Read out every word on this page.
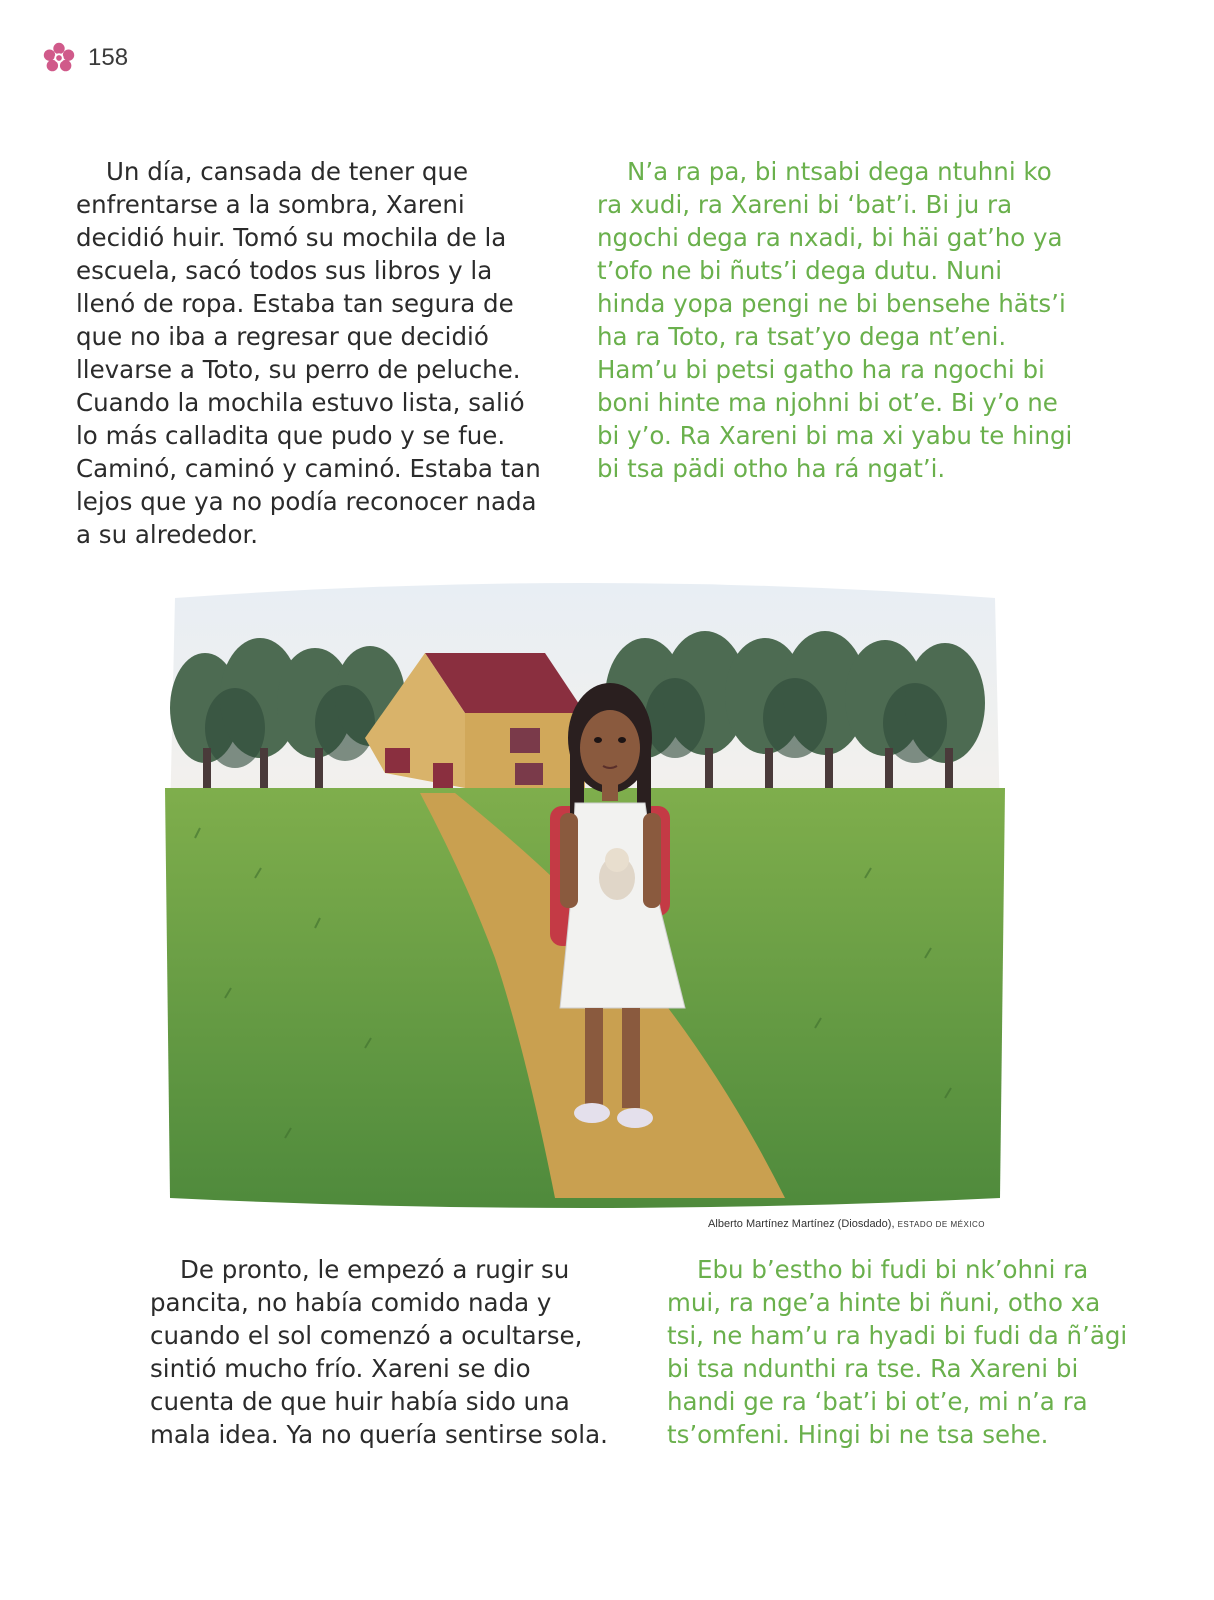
158

Un día, cansada de tener que enfrentarse a la sombra, Xareni decidió huir. Tomó su mochila de la escuela, sacó todos sus libros y la llenó de ropa. Estaba tan segura de que no iba a regresar que decidió llevarse a Toto, su perro de peluche. Cuando la mochila estuvo lista, salió lo más calladita que pudo y se fue. Caminó, caminó y caminó. Estaba tan lejos que ya no podía reconocer nada a su alrededor.

N’a ra pa, bi ntsabi dega ntuhni ko ra xudi, ra Xareni bi ‘bat’i. Bi ju ra ngochi dega ra nxadi, bi häi gat’ho ya t’ofo ne bi ñuts’i dega dutu. Nuni hinda yopa pengi ne bi bensehe häts’i ha ra Toto, ra tsat’yo dega nt’eni. Ham’u bi petsi gatho ha ra ngochi bi boni hinte ma njohni bi ot’e. Bi y’o ne bi y’o. Ra Xareni bi ma xi yabu te hingi bi tsa pädi otho ha rá ngat’i.

Alberto Martínez Martínez (Diosdado), ESTADO DE MÉXICO

De pronto, le empezó a rugir su pancita, no había comido nada y cuando el sol comenzó a ocultarse, sintió mucho frío. Xareni se dio cuenta de que huir había sido una mala idea. Ya no quería sentirse sola.

Ebu b’estho bi fudi bi nk’ohni ra mui, ra nge’a hinte bi ñuni, otho xa tsi, ne ham’u ra hyadi bi fudi da ñ’ägi bi tsa ndunthi ra tse. Ra Xareni bi handi ge ra ‘bat’i bi ot’e, mi n’a ra ts’omfeni. Hingi bi ne tsa sehe.
